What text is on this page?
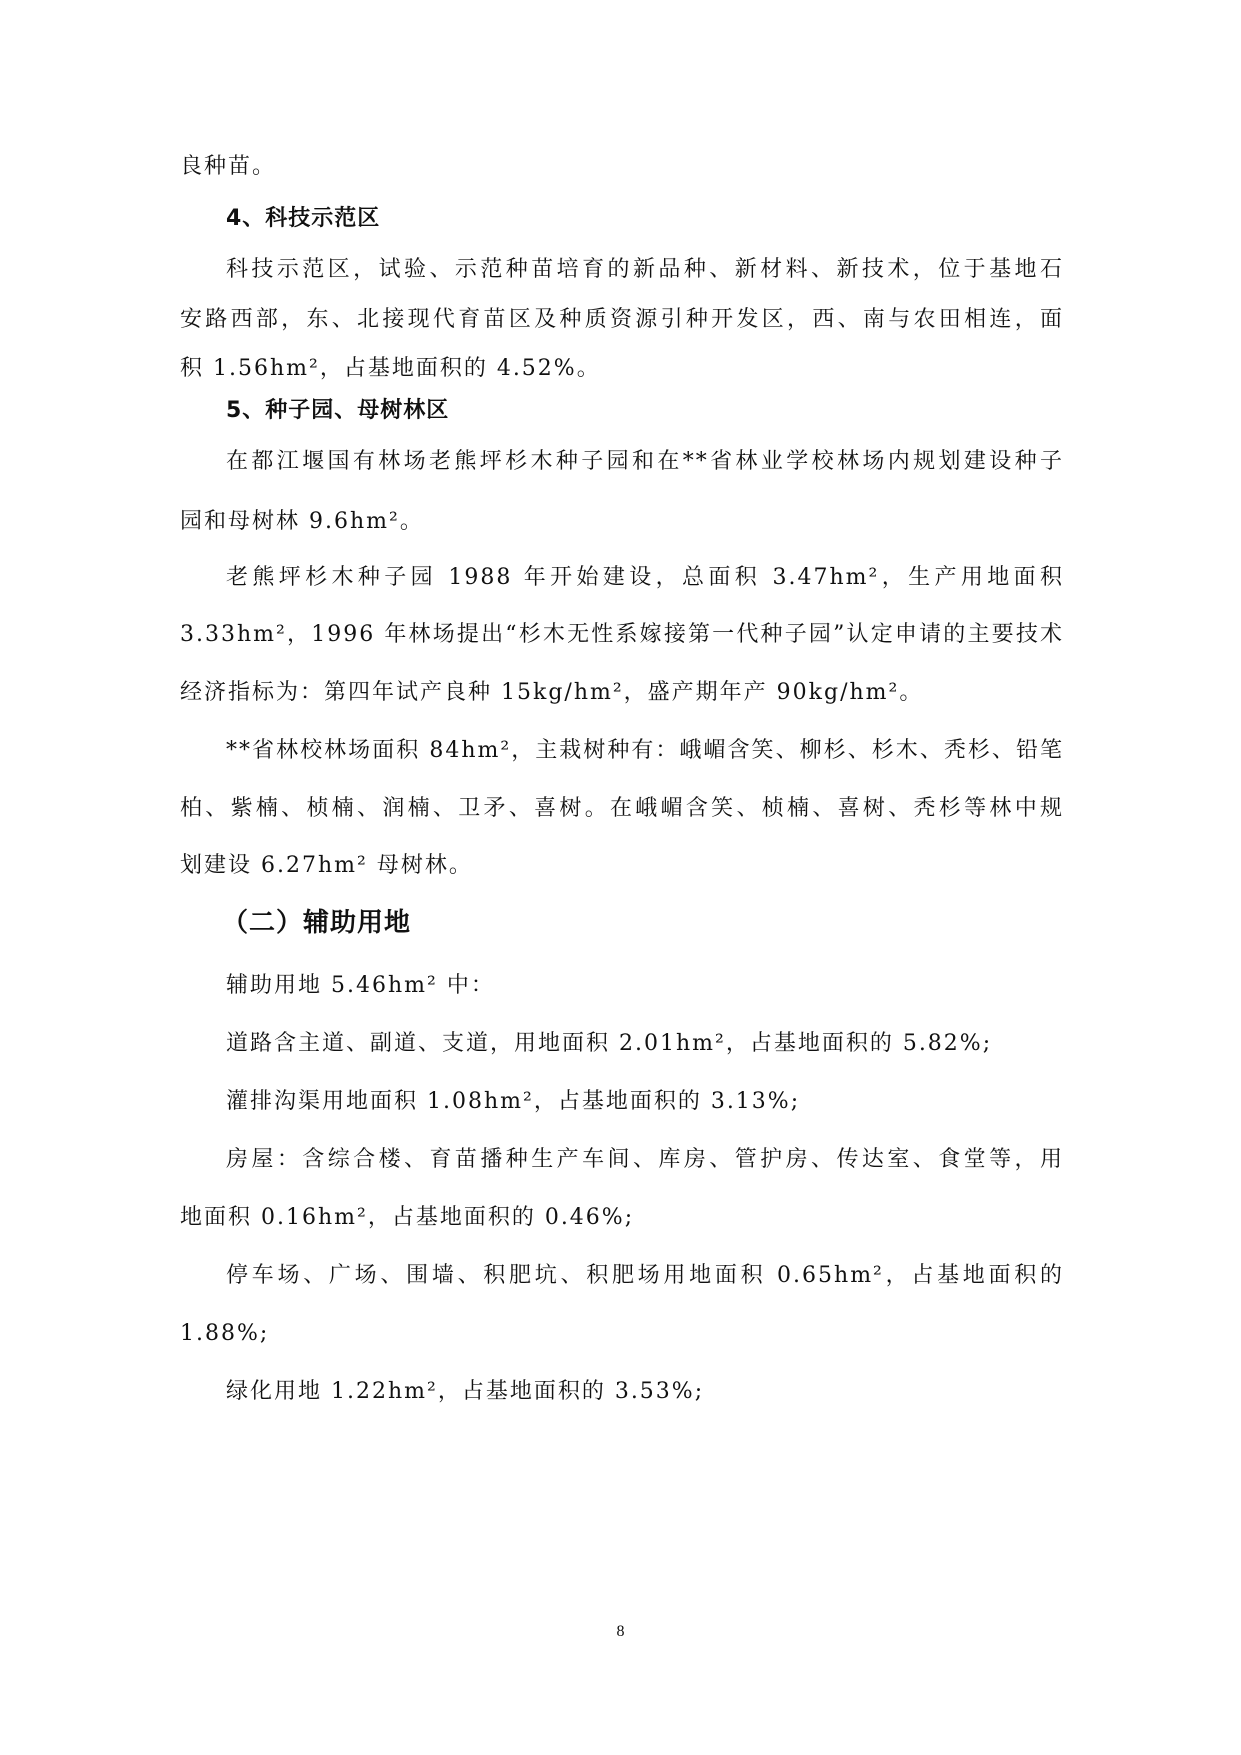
良种苗。
4、科技示范区
科技示范区，试验、示范种苗培育的新品种、新材料、新技术，位于基地石
安路西部，东、北接现代育苗区及种质资源引种开发区，西、南与农田相连，面
积 1.56hm²，占基地面积的 4.52%。
5、种子园、母树林区
在都江堰国有林场老熊坪杉木种子园和在**省林业学校林场内规划建设种子
园和母树林 9.6hm²。
老熊坪杉木种子园 1988 年开始建设，总面积 3.47hm²，生产用地面积
3.33hm²，1996 年林场提出“杉木无性系嫁接第一代种子园”认定申请的主要技术
经济指标为：第四年试产良种 15kg/hm²，盛产期年产 90kg/hm²。
**省林校林场面积 84hm²，主栽树种有：峨嵋含笑、柳杉、杉木、秃杉、铅笔
柏、紫楠、桢楠、润楠、卫矛、喜树。在峨嵋含笑、桢楠、喜树、秃杉等林中规
划建设 6.27hm² 母树林。
（二）辅助用地
辅助用地 5.46hm² 中：
道路含主道、副道、支道，用地面积 2.01hm²，占基地面积的 5.82%;
灌排沟渠用地面积 1.08hm²，占基地面积的 3.13%;
房屋：含综合楼、育苗播种生产车间、库房、管护房、传达室、食堂等，用
地面积 0.16hm²，占基地面积的 0.46%;
停车场、广场、围墙、积肥坑、积肥场用地面积 0.65hm²，占基地面积的
1.88%;
绿化用地 1.22hm²，占基地面积的 3.53%;
8
